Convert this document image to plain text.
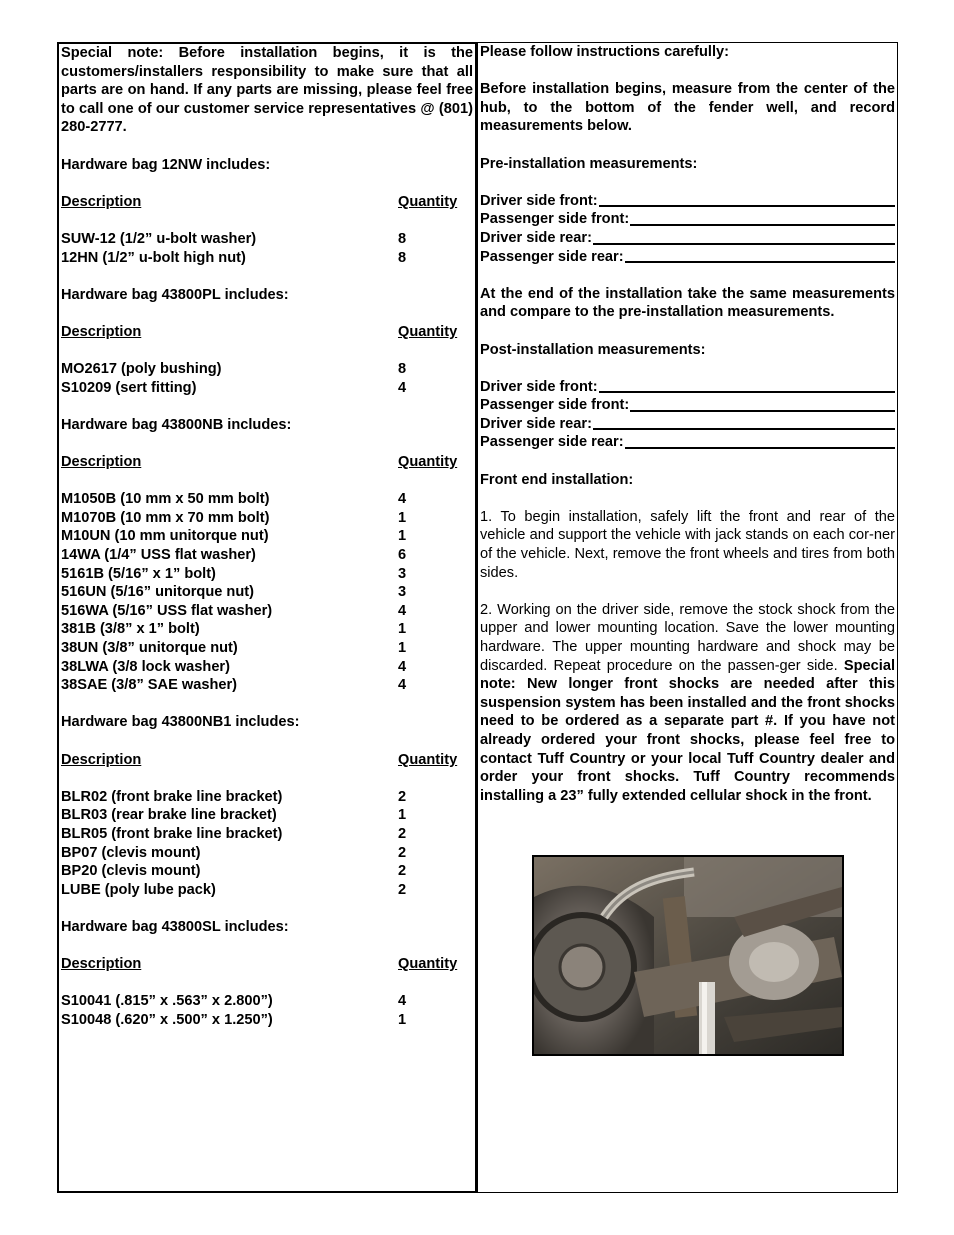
Special note: Before installation begins, it is the customers/installers responsibility to make sure that all parts are on hand. If any parts are missing, please feel free to call one of our customer service representatives @ (801) 280-2777.
Hardware bag 12NW includes:
Description	Quantity
SUW-12 (1/2” u-bolt washer)	8
12HN (1/2” u-bolt high nut)	8
Hardware bag 43800PL includes:
Description	Quantity
MO2617 (poly bushing)	8
S10209 (sert fitting)	4
Hardware bag 43800NB includes:
Description	Quantity
M1050B (10 mm x 50 mm bolt)	4
M1070B (10 mm x 70 mm bolt)	1
M10UN (10 mm unitorque nut)	1
14WA (1/4” USS flat washer)	6
5161B (5/16” x 1” bolt)	3
516UN (5/16” unitorque nut)	3
516WA (5/16” USS flat washer)	4
381B (3/8” x 1” bolt)	1
38UN (3/8” unitorque nut)	1
38LWA (3/8 lock washer)	4
38SAE (3/8” SAE washer)	4
Hardware bag 43800NB1 includes:
Description	Quantity
BLR02 (front brake line bracket)	2
BLR03 (rear brake line bracket)	1
BLR05 (front brake line bracket)	2
BP07 (clevis mount)	2
BP20 (clevis mount)	2
LUBE (poly lube pack)	2
Hardware bag 43800SL includes:
Description	Quantity
S10041 (.815” x .563” x 2.800”)	4
S10048 (.620” x .500” x 1.250”)	1
Please follow instructions carefully:
Before installation begins, measure from the center of the hub, to the bottom of the fender well, and record measurements below.
Pre-installation measurements:
Driver side front:
Passenger side front:
Driver side rear:
Passenger side rear:
At the end of the installation take the same measurements and compare to the pre-installation measurements.
Post-installation measurements:
Driver side front:
Passenger side front:
Driver side rear:
Passenger side rear:
Front end installation:
1. To begin installation, safely lift the front and rear of the vehicle and support the vehicle with jack stands on each cor-ner of the vehicle. Next, remove the front wheels and tires from both sides.
2. Working on the driver side, remove the stock shock from the upper and lower mounting location. Save the lower mounting hardware. The upper mounting hardware and shock may be discarded. Repeat procedure on the passen-ger side. Special note: New longer front shocks are needed after this suspension system has been installed and the front shocks need to be ordered as a separate part #. If you have not already ordered your front shocks, please feel free to contact Tuff Country or your local Tuff Country dealer and order your front shocks. Tuff Country recommends installing a 23” fully extended cellular shock in the front.
